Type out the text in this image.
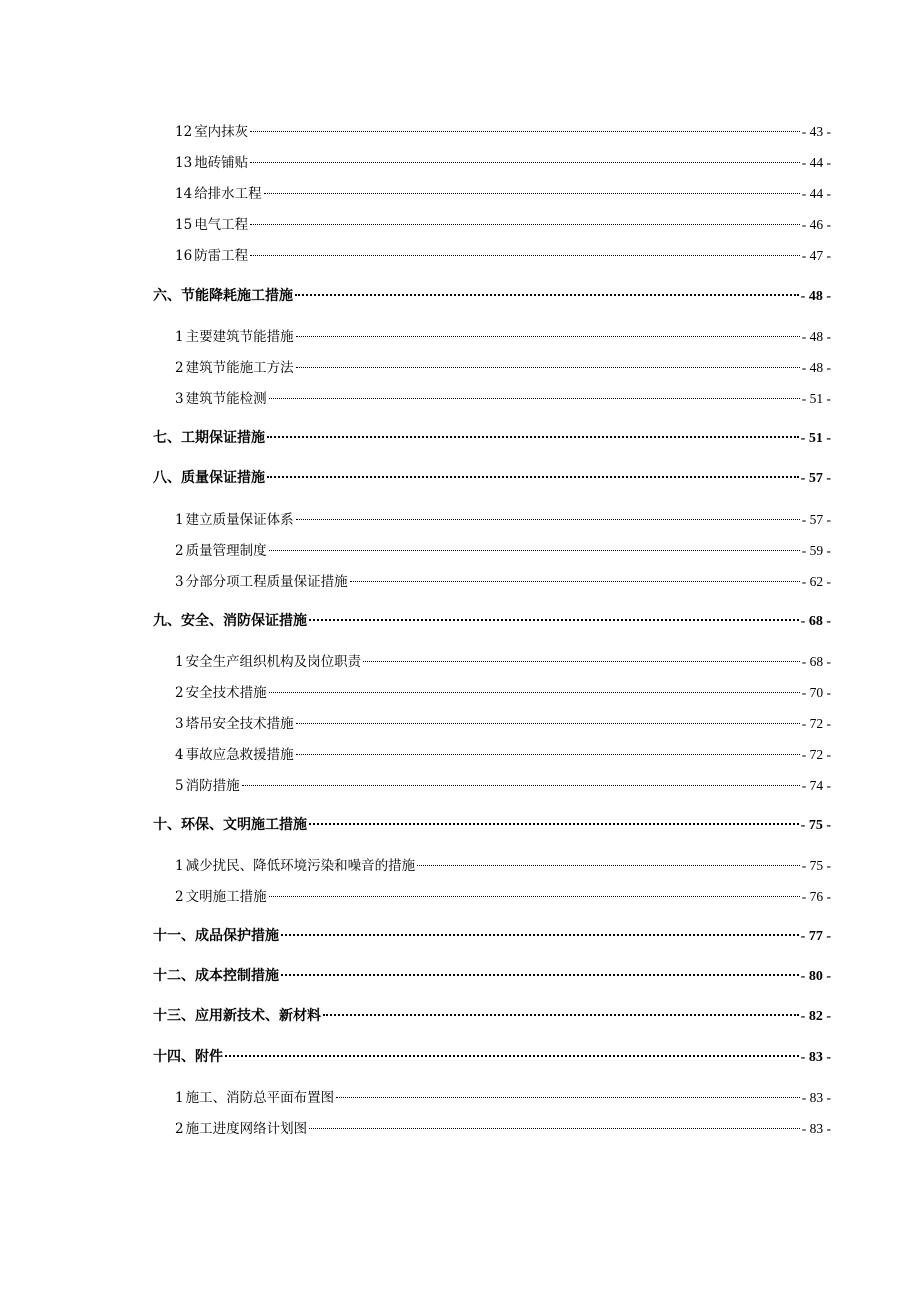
12 室内抹灰	- 43 -
13 地砖铺贴	- 44 -
14 给排水工程	- 44 -
15 电气工程	- 46 -
16 防雷工程	- 47 -
六、节能降耗施工措施	- 48 -
1 主要建筑节能措施	- 48 -
2 建筑节能施工方法	- 48 -
3 建筑节能检测	- 51 -
七、工期保证措施	- 51 -
八、质量保证措施	- 57 -
1 建立质量保证体系	- 57 -
2 质量管理制度	- 59 -
3 分部分项工程质量保证措施	- 62 -
九、安全、消防保证措施	- 68 -
1 安全生产组织机构及岗位职责	- 68 -
2 安全技术措施	- 70 -
3 塔吊安全技术措施	- 72 -
4 事故应急救援措施	- 72 -
5 消防措施	- 74 -
十、环保、文明施工措施	- 75 -
1 减少扰民、降低环境污染和噪音的措施	- 75 -
2 文明施工措施	- 76 -
十一、成品保护措施	- 77 -
十二、成本控制措施	- 80 -
十三、应用新技术、新材料	- 82 -
十四、附件	- 83 -
1 施工、消防总平面布置图	- 83 -
2 施工进度网络计划图	- 83 -
